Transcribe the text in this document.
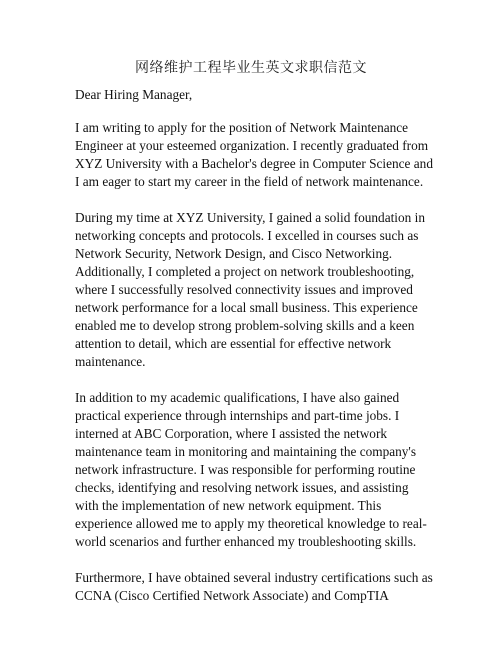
网络维护工程毕业生英文求职信范文

Dear Hiring Manager,

I am writing to apply for the position of Network Maintenance Engineer at your esteemed organization. I recently graduated from XYZ University with a Bachelor's degree in Computer Science and I am eager to start my career in the field of network maintenance.

During my time at XYZ University, I gained a solid foundation in networking concepts and protocols. I excelled in courses such as Network Security, Network Design, and Cisco Networking. Additionally, I completed a project on network troubleshooting, where I successfully resolved connectivity issues and improved network performance for a local small business. This experience enabled me to develop strong problem-solving skills and a keen attention to detail, which are essential for effective network maintenance.

In addition to my academic qualifications, I have also gained practical experience through internships and part-time jobs. I interned at ABC Corporation, where I assisted the network maintenance team in monitoring and maintaining the company's network infrastructure. I was responsible for performing routine checks, identifying and resolving network issues, and assisting with the implementation of new network equipment. This experience allowed me to apply my theoretical knowledge to real-world scenarios and further enhanced my troubleshooting skills.

Furthermore, I have obtained several industry certifications such as CCNA (Cisco Certified Network Associate) and CompTIA
